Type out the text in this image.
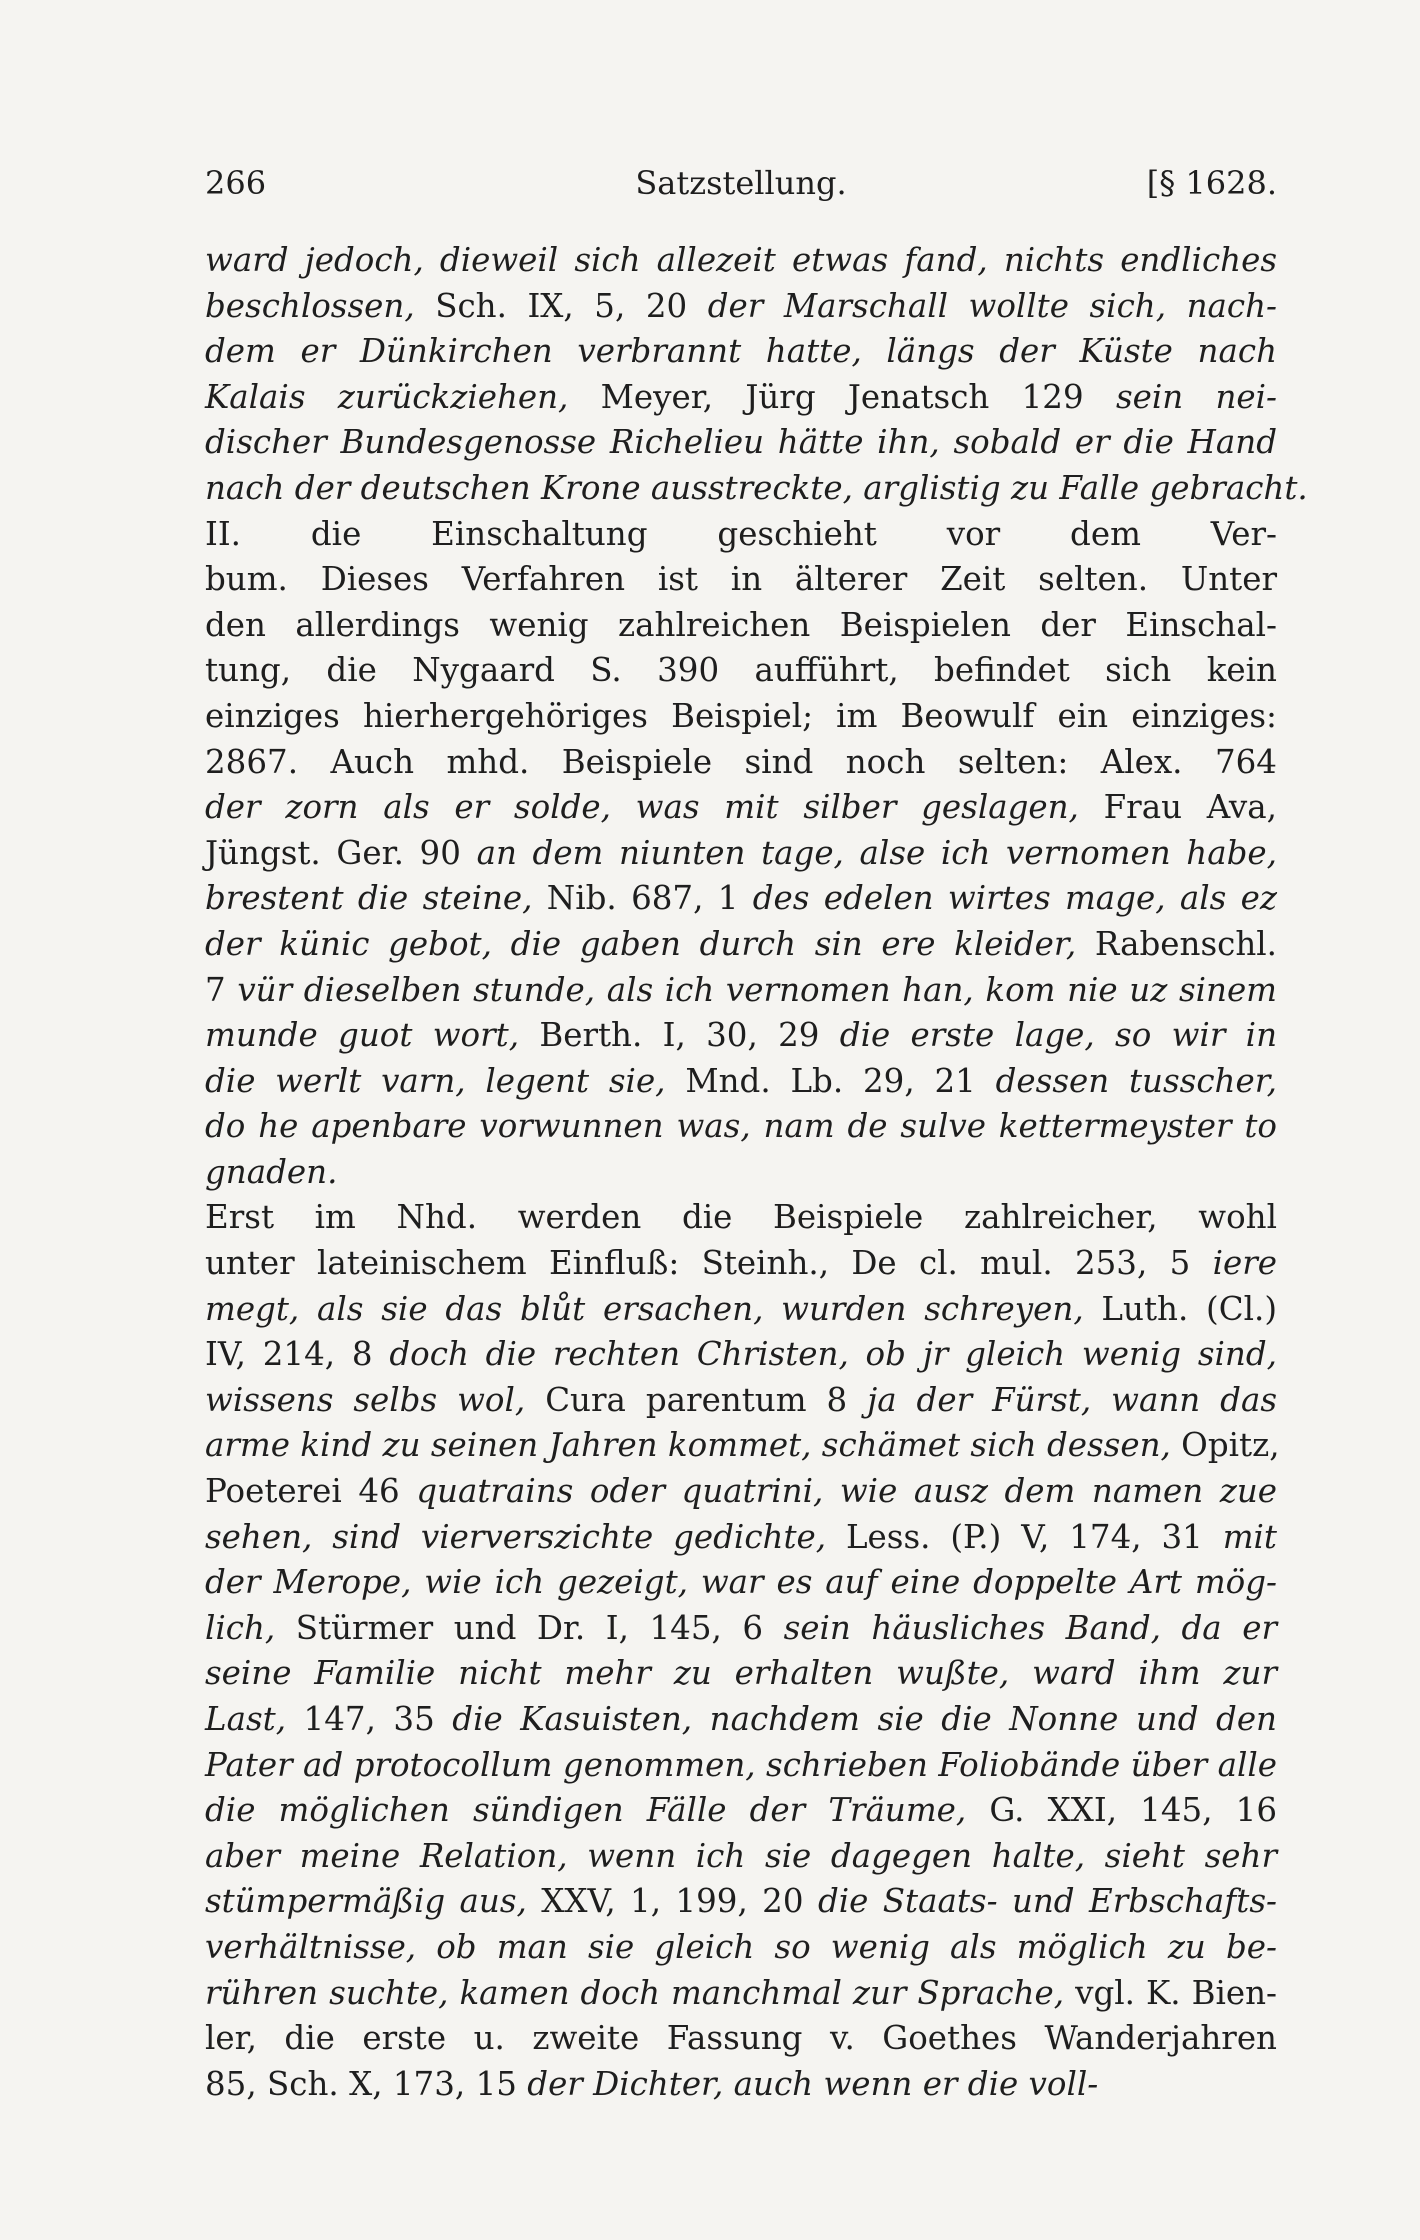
266	Satzstellung.	[§ 1628.
ward jedoch, dieweil sich allezeit etwas fand, nichts endliches
beschlossen, Sch. IX, 5, 20 der Marschall wollte sich, nach-
dem er Dünkirchen verbrannt hatte, längs der Küste nach
Kalais zurückziehen, Meyer, Jürg Jenatsch 129 sein nei-
discher Bundesgenosse Richelieu hätte ihn, sobald er die Hand
nach der deutschen Krone ausstreckte, arglistig zu Falle gebracht.
II. die Einschaltung geschieht vor dem Ver-
bum. Dieses Verfahren ist in älterer Zeit selten. Unter
den allerdings wenig zahlreichen Beispielen der Einschal-
tung, die Nygaard S. 390 aufführt, befindet sich kein
einziges hierhergehöriges Beispiel; im Beowulf ein einziges:
2867. Auch mhd. Beispiele sind noch selten: Alex. 764
der zorn als er solde, was mit silber geslagen, Frau Ava,
Jüngst. Ger. 90 an dem niunten tage, alse ich vernomen habe,
brestent die steine, Nib. 687, 1 des edelen wirtes mage, als ez
der künic gebot, die gaben durch sin ere kleider, Rabenschl.
7 vür dieselben stunde, als ich vernomen han, kom nie uz sinem
munde guot wort, Berth. I, 30, 29 die erste lage, so wir in
die werlt varn, legent sie, Mnd. Lb. 29, 21 dessen tusscher,
do he apenbare vorwunnen was, nam de sulve kettermeyster to
gnaden.
Erst im Nhd. werden die Beispiele zahlreicher, wohl
unter lateinischem Einfluß: Steinh., De cl. mul. 253, 5 iere
megt, als sie das blůt ersachen, wurden schreyen, Luth. (Cl.)
IV, 214, 8 doch die rechten Christen, ob jr gleich wenig sind,
wissens selbs wol, Cura parentum 8 ja der Fürst, wann das
arme kind zu seinen Jahren kommet, schämet sich dessen, Opitz,
Poeterei 46 quatrains oder quatrini, wie ausz dem namen zue
sehen, sind vierverszichte gedichte, Less. (P.) V, 174, 31 mit
der Merope, wie ich gezeigt, war es auf eine doppelte Art mög-
lich, Stürmer und Dr. I, 145, 6 sein häusliches Band, da er
seine Familie nicht mehr zu erhalten wußte, ward ihm zur
Last, 147, 35 die Kasuisten, nachdem sie die Nonne und den
Pater ad protocollum genommen, schrieben Foliobände über alle
die möglichen sündigen Fälle der Träume, G. XXI, 145, 16
aber meine Relation, wenn ich sie dagegen halte, sieht sehr
stümpermäßig aus, XXV, 1, 199, 20 die Staats- und Erbschafts-
verhältnisse, ob man sie gleich so wenig als möglich zu be-
rühren suchte, kamen doch manchmal zur Sprache, vgl. K. Bien-
ler, die erste u. zweite Fassung v. Goethes Wanderjahren
85, Sch. X, 173, 15 der Dichter, auch wenn er die voll-
